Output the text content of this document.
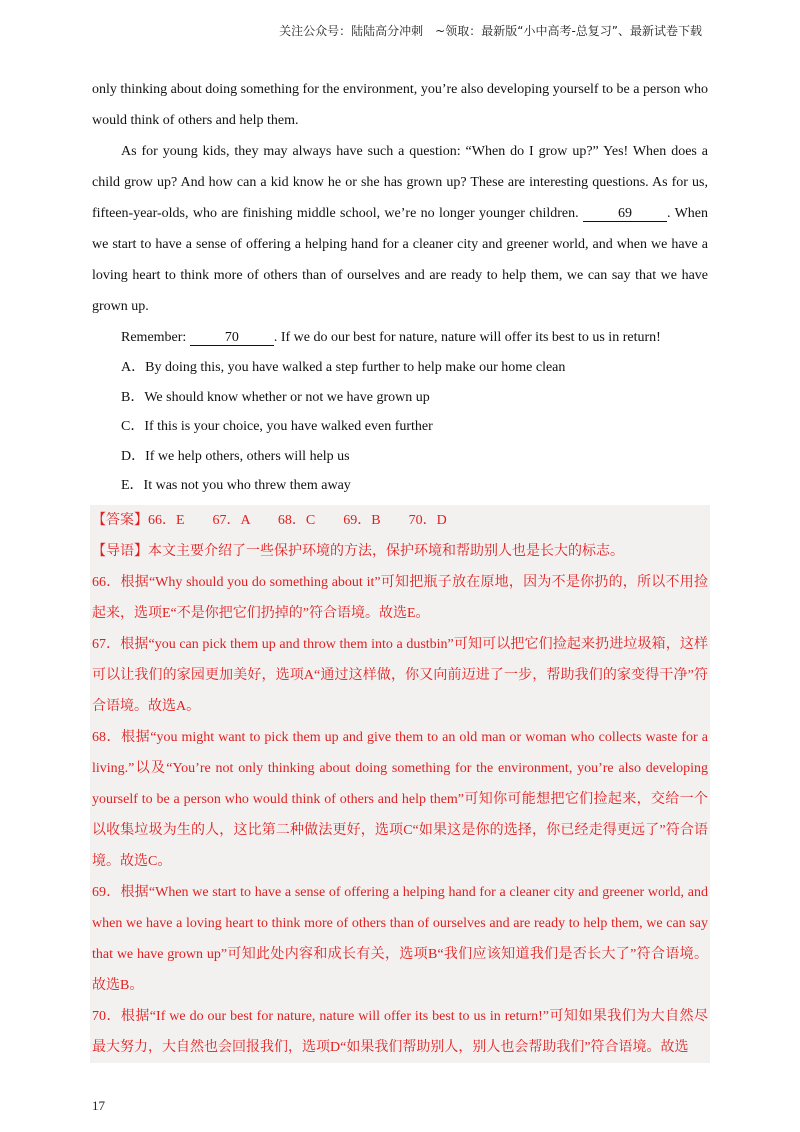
关注公众号：陆陆高分冲刺　~领取：最新版“小中高考-总复习”、最新试卷下载
only thinking about doing something for the environment, you’re also developing yourself to be a person who would think of others and help them.
As for young kids, they may always have such a question: “When do I grow up?” Yes! When does a child grow up? And how can a kid know he or she has grown up? These are interesting questions. As for us, fifteen-year-olds, who are finishing middle school, we’re no longer younger children.	69	. When we start to have a sense of offering a helping hand for a cleaner city and greener world, and when we have a loving heart to think more of others than of ourselves and are ready to help them, we can say that we have grown up.
Remember:	70	. If we do our best for nature, nature will offer its best to us in return!
A．By doing this, you have walked a step further to help make our home clean
B．We should know whether or not we have grown up
C．If this is your choice, you have walked even further
D．If we help others, others will help us
E．It was not you who threw them away
【答案】66．E　　67．A　　68．C　　69．B　　70．D
【导语】本文主要介绍了一些保护环境的方法，保护环境和帮助别人也是长大的标志。
66．根据“Why should you do something about it”可知把瓶子放在原地，因为不是你扔的，所以不用捡起来，选项E“不是你把它们扔掉的”符合语境。故选E。
67．根据“you can pick them up and throw them into a dustbin”可知可以把它们捡起来扔进垃圾箱，这样可以让我们的家园更加美好，选项A“通过这样做，你又向前迈进了一步，帮助我们的家变得干净”符合语境。故选A。
68．根据“you might want to pick them up and give them to an old man or woman who collects waste for a living.”以及“You’re not only thinking about doing something for the environment, you’re also developing yourself to be a person who would think of others and help them”可知你可能想把它们捡起来，交给一个以收集垃圾为生的人，这比第二种做法更好，选项C“如果这是你的选择，你已经走得更远了”符合语境。故选C。
69．根据“When we start to have a sense of offering a helping hand for a cleaner city and greener world, and when we have a loving heart to think more of others than of ourselves and are ready to help them, we can say that we have grown up”可知此处内容和成长有关，选项B“我们应该知道我们是否长大了”符合语境。故选B。
70．根据“If we do our best for nature, nature will offer its best to us in return!”可知如果我们为大自然尽最大努力，大自然也会回报我们，选项D“如果我们帮助别人，别人也会帮助我们”符合语境。故选
17
